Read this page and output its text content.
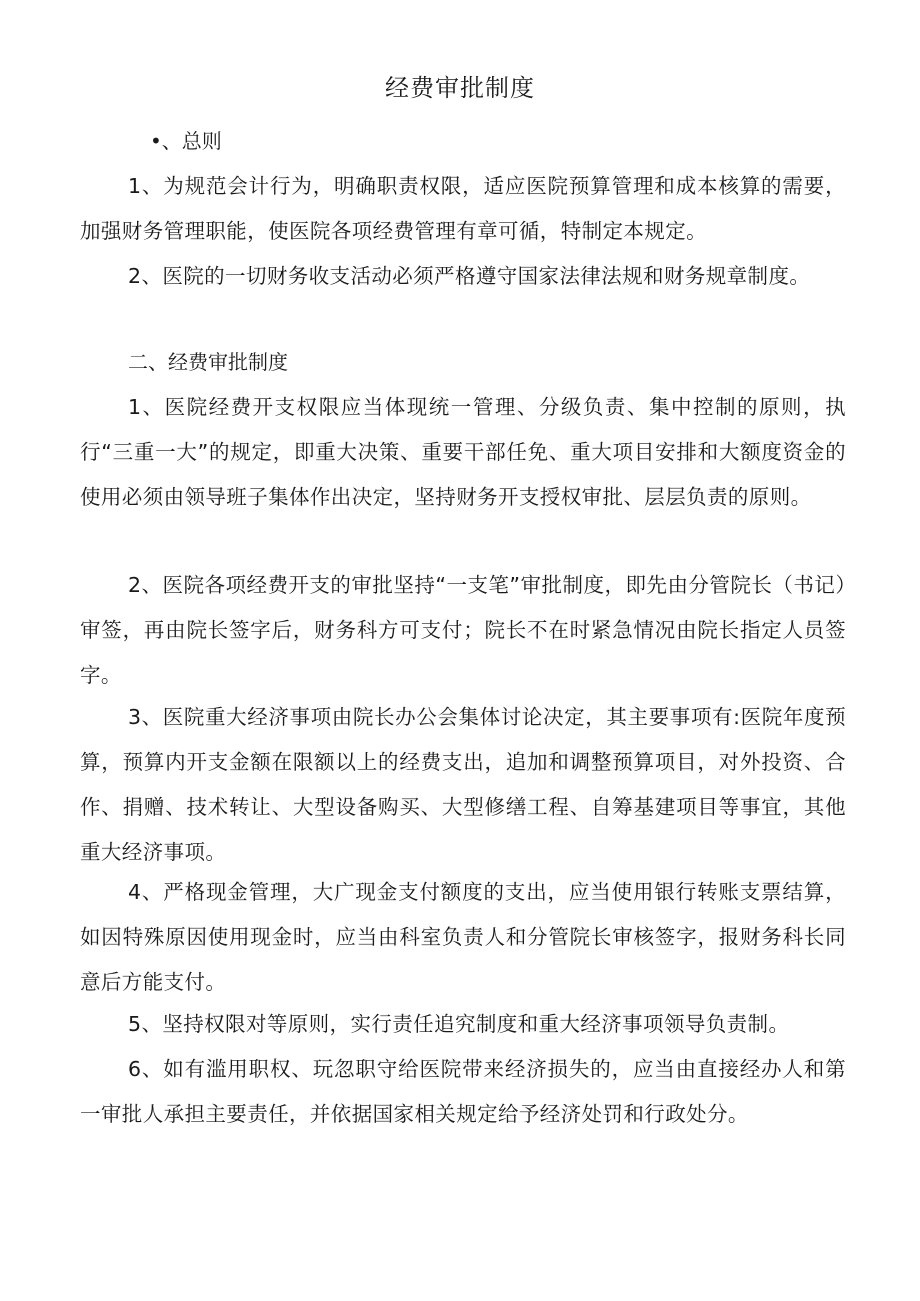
经费审批制度
•、总则
1、为规范会计行为，明确职责权限，适应医院预算管理和成本核算的需要，加强财务管理职能，使医院各项经费管理有章可循，特制定本规定。
2、医院的一切财务收支活动必须严格遵守国家法律法规和财务规章制度。
二、经费审批制度
1、医院经费开支权限应当体现统一管理、分级负责、集中控制的原则，执行“三重一大”的规定，即重大决策、重要干部任免、重大项目安排和大额度资金的使用必须由领导班子集体作出决定，坚持财务开支授权审批、层层负责的原则。
2、医院各项经费开支的审批坚持“一支笔”审批制度，即先由分管院长（书记）审签，再由院长签字后，财务科方可支付；院长不在时紧急情况由院长指定人员签字。
3、医院重大经济事项由院长办公会集体讨论决定，其主要事项有:医院年度预算，预算内开支金额在限额以上的经费支出，追加和调整预算项目，对外投资、合作、捐赠、技术转让、大型设备购买、大型修缮工程、自筹基建项目等事宜，其他重大经济事项。
4、严格现金管理，大广现金支付额度的支出，应当使用银行转账支票结算，如因特殊原因使用现金时，应当由科室负责人和分管院长审核签字，报财务科长同意后方能支付。
5、坚持权限对等原则，实行责任追究制度和重大经济事项领导负责制。
6、如有滥用职权、玩忽职守给医院带来经济损失的，应当由直接经办人和第一审批人承担主要责任，并依据国家相关规定给予经济处罚和行政处分。
